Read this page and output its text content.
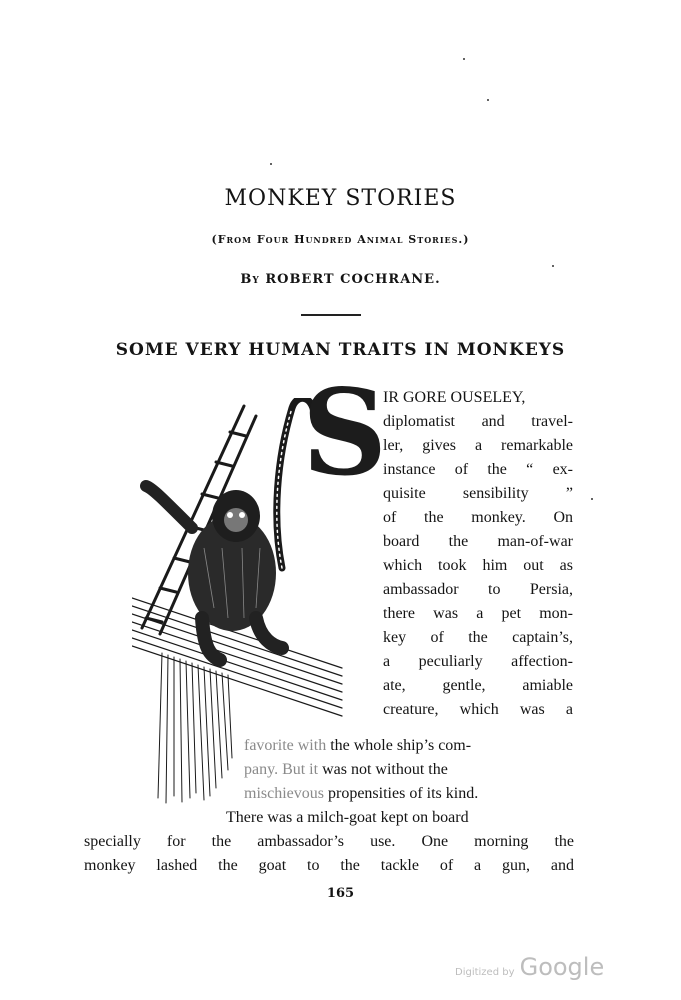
MONKEY STORIES
(From Four Hundred Animal Stories.)
By ROBERT COCHRANE.
SOME VERY HUMAN TRAITS IN MONKEYS
S
IR GORE OUSELEY,
diplomatist and travel-
ler, gives a remarkable
instance of the “ ex-
quisite sensibility ”
of the monkey. On
board the man-of-war
which took him out as
ambassador to Persia,
there was a pet mon-
key of the captain’s,
a peculiarly affection-
ate, gentle, amiable
creature, which was a
favorite with the whole ship’s com-
pany. But it was not without the
mischievous propensities of its kind.
There was a milch-goat kept on board
specially for the ambassador’s use. One morning the
monkey lashed the goat to the tackle of a gun, and
165
Digitized by Google
